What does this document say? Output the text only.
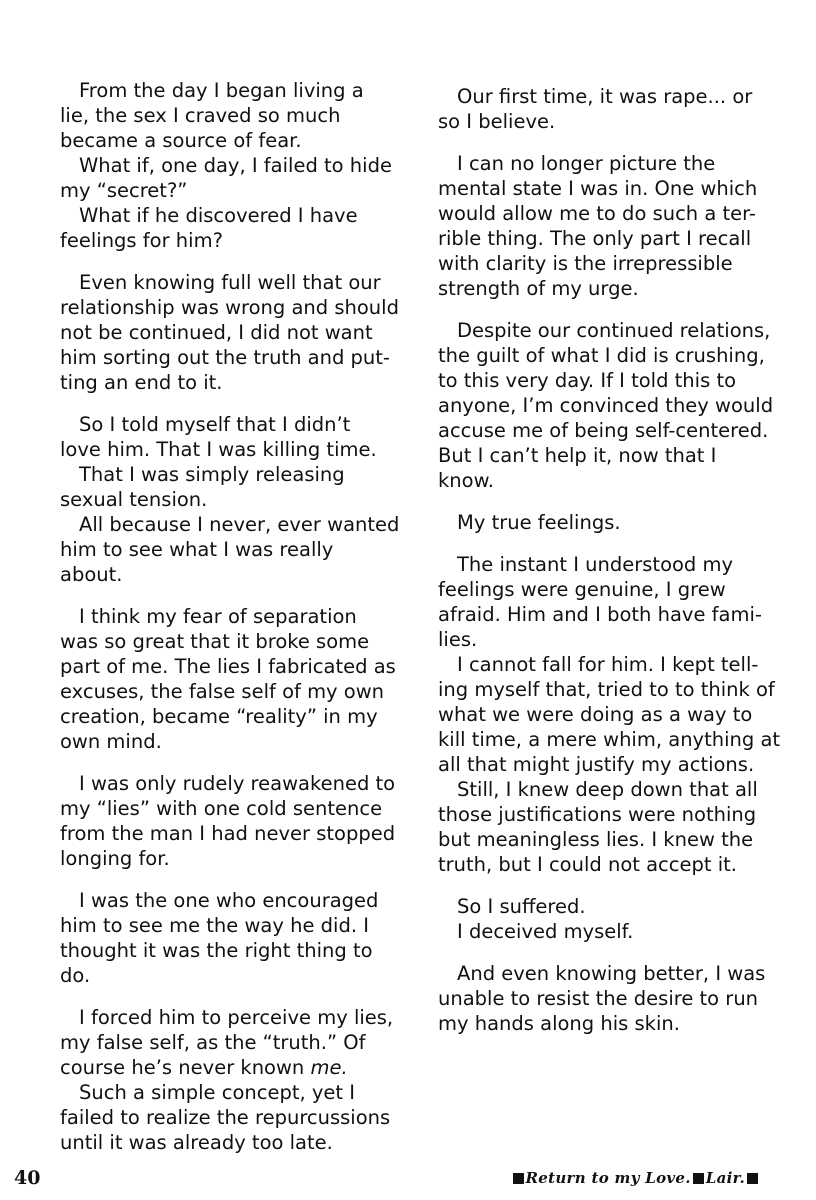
From the day I began living a
lie, the sex I craved so much
became a source of fear.
What if, one day, I failed to hide
my “secret?”
What if he discovered I have
feelings for him?

Even knowing full well that our
relationship was wrong and should
not be continued, I did not want
him sorting out the truth and put-
ting an end to it.

So I told myself that I didn’t
love him. That I was killing time.
That I was simply releasing
sexual tension.
All because I never, ever wanted
him to see what I was really
about.

I think my fear of separation
was so great that it broke some
part of me. The lies I fabricated as
excuses, the false self of my own
creation, became “reality” in my
own mind.

I was only rudely reawakened to
my “lies” with one cold sentence
from the man I had never stopped
longing for.

I was the one who encouraged
him to see me the way he did. I
thought it was the right thing to
do.

I forced him to perceive my lies,
my false self, as the “truth.” Of
course he’s never known me.
Such a simple concept, yet I
failed to realize the repurcussions
until it was already too late.

Our first time, it was rape... or
so I believe.

I can no longer picture the
mental state I was in. One which
would allow me to do such a ter-
rible thing. The only part I recall
with clarity is the irrepressible
strength of my urge.

Despite our continued relations,
the guilt of what I did is crushing,
to this very day. If I told this to
anyone, I’m convinced they would
accuse me of being self-centered.
But I can’t help it, now that I
know.

My true feelings.

The instant I understood my
feelings were genuine, I grew
afraid. Him and I both have fami-
lies.
I cannot fall for him. I kept tell-
ing myself that, tried to to think of
what we were doing as a way to
kill time, a mere whim, anything at
all that might justify my actions.
Still, I knew deep down that all
those justifications were nothing
but meaningless lies. I knew the
truth, but I could not accept it.

So I suffered.
I deceived myself.

And even knowing better, I was
unable to resist the desire to run
my hands along his skin.

40	Return to my Love. Lair.
